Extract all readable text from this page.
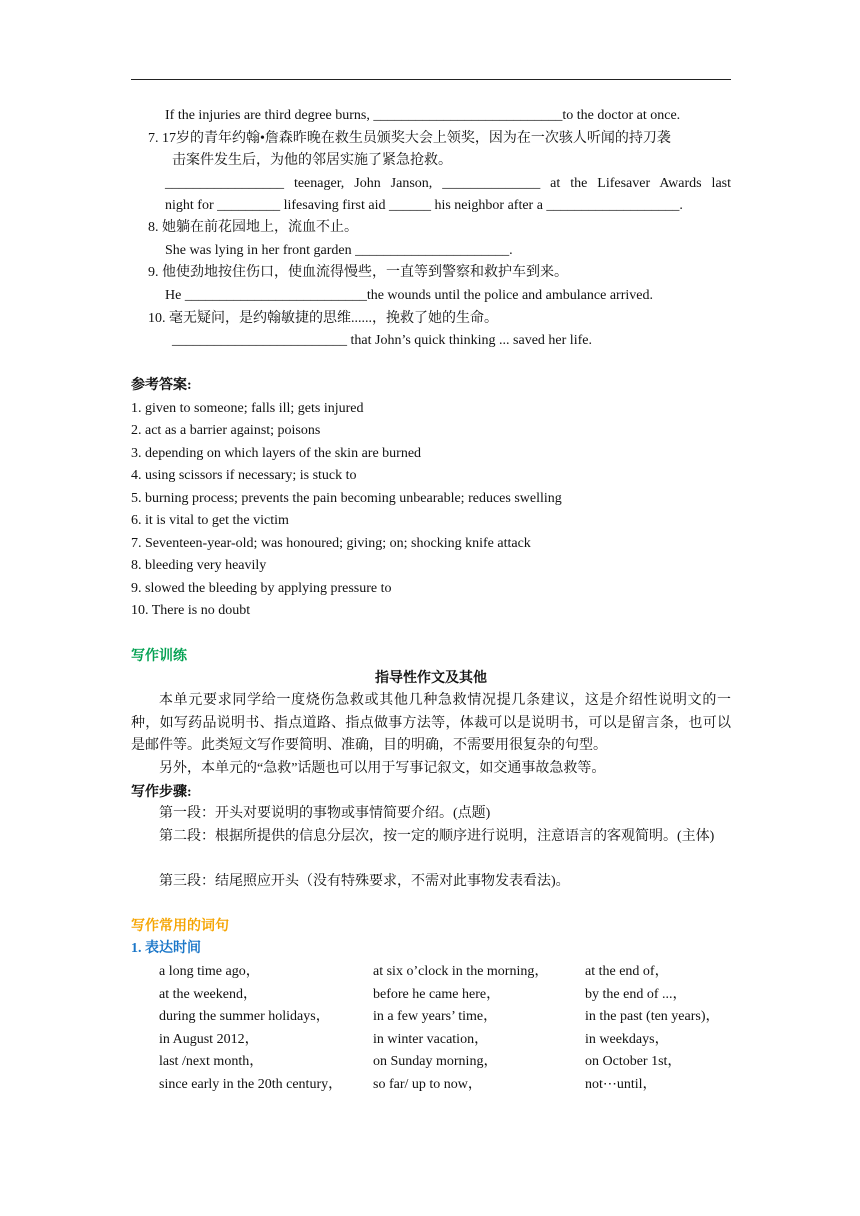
If the injuries are third degree burns, ___________________________to the doctor at once.
7. 17岁的青年约翰•詹森昨晚在救生员颁奖大会上领奖，因为在一次骇人听闻的持刀袭
击案件发生后，为他的邻居实施了紧急抢救。
_________________ teenager, John Janson, ______________ at the Lifesaver Awards last
night for _________ lifesaving first aid ______ his neighbor after a ___________________.
8. 她躺在前花园地上，流血不止。
She was lying in her front garden ______________________.
9. 他使劲地按住伤口，使血流得慢些，一直等到警察和救护车到来。
He __________________________the wounds until the police and ambulance arrived.
10. 毫无疑问，是约翰敏捷的思维......，挽救了她的生命。
_________________________ that John’s quick thinking ... saved her life.
参考答案:
1. given to someone; falls ill; gets injured
2. act as a barrier against; poisons
3. depending on which layers of the skin are burned
4. using scissors if necessary; is stuck to
5. burning process; prevents the pain becoming unbearable; reduces swelling
6. it is vital to get the victim
7. Seventeen-year-old; was honoured; giving; on; shocking knife attack
8. bleeding very heavily
9. slowed the bleeding by applying pressure to
10. There is no doubt
写作训练
指导性作文及其他

本单元要求同学给一度烧伤急救或其他几种急救情况提几条建议，这是介绍性说明文的一种，如写药品说明书、指点道路、指点做事方法等，体裁可以是说明书，可以是留言条，也可以是邮件等。此类短文写作要简明、准确，目的明确，不需要用很复杂的句型。

另外，本单元的“急救”话题也可以用于写事记叙文，如交通事故急救等。

写作步骤:

第一段：开头对要说明的事物或事情简要介绍。(点题)

第二段：根据所提供的信息分层次，按一定的顺序进行说明，注意语言的客观简明。(主体)

第三段：结尾照应开头（没有特殊要求，不需对此事物发表看法)。

写作常用的词句
1. 表达时间
a long time ago，	at six o’clock in the morning，	at the end of，
at the weekend，	before he came here，	by the end of ...，
during the summer holidays，	in a few years’ time，	in the past (ten years)，
in August 2012，	in winter vacation，	in weekdays，
last /next month，	on Sunday morning，	on October 1st，
since early in the 20th century， so far/ up to now，	not⋯until，
